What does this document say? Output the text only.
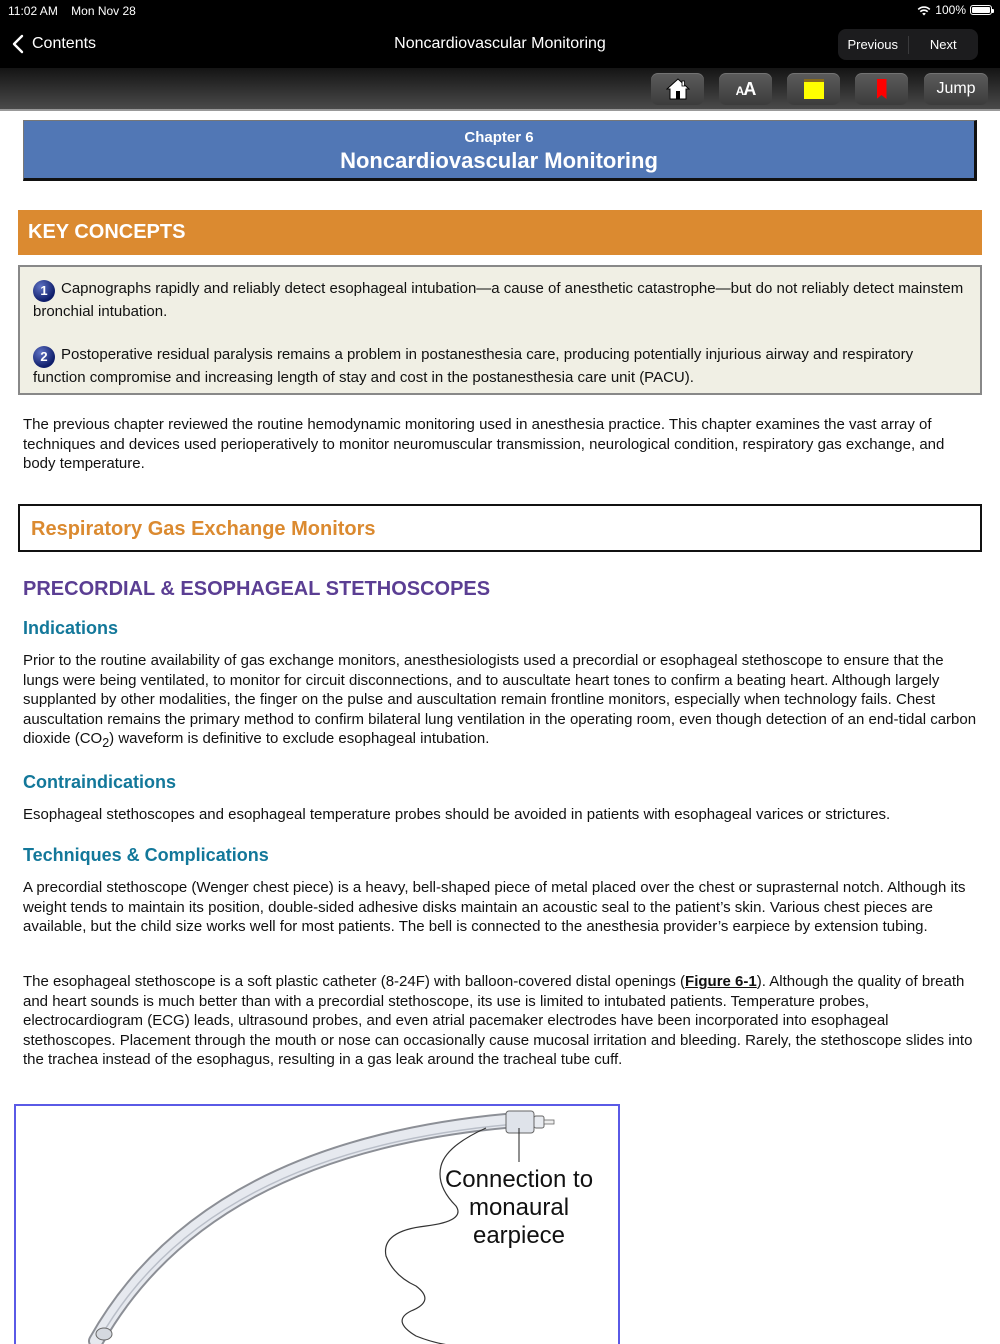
11:02 AM Mon Nov 28	100%
Contents	Noncardiovascular Monitoring	Previous	Next
AA	Jump
Chapter 6
Noncardiovascular Monitoring
KEY CONCEPTS

1 Capnographs rapidly and reliably detect esophageal intubation—a cause of anesthetic catastrophe—but do not reliably detect mainstem bronchial intubation.

2 Postoperative residual paralysis remains a problem in postanesthesia care, producing potentially injurious airway and respiratory function compromise and increasing length of stay and cost in the postanesthesia care unit (PACU).

The previous chapter reviewed the routine hemodynamic monitoring used in anesthesia practice. This chapter examines the vast array of techniques and devices used perioperatively to monitor neuromuscular transmission, neurological condition, respiratory gas exchange, and body temperature.

Respiratory Gas Exchange Monitors
PRECORDIAL & ESOPHAGEAL STETHOSCOPES
Indications

Prior to the routine availability of gas exchange monitors, anesthesiologists used a precordial or esophageal stethoscope to ensure that the lungs were being ventilated, to monitor for circuit disconnections, and to auscultate heart tones to confirm a beating heart. Although largely supplanted by other modalities, the finger on the pulse and auscultation remain frontline monitors, especially when technology fails. Chest auscultation remains the primary method to confirm bilateral lung ventilation in the operating room, even though detection of an end-tidal carbon dioxide $(CO_2)$ waveform is definitive to exclude esophageal intubation.

Contraindications

Esophageal stethoscopes and esophageal temperature probes should be avoided in patients with esophageal varices or strictures.

Techniques & Complications

A precordial stethoscope (Wenger chest piece) is a heavy, bell-shaped piece of metal placed over the chest or suprasternal notch. Although its weight tends to maintain its position, double-sided adhesive disks maintain an acoustic seal to the patient’s skin. Various chest pieces are available, but the child size works well for most patients. The bell is connected to the anesthesia provider’s earpiece by extension tubing.

The esophageal stethoscope is a soft plastic catheter (8-24F) with balloon-covered distal openings (Figure 6-1). Although the quality of breath and heart sounds is much better than with a precordial stethoscope, its use is limited to intubated patients. Temperature probes, electrocardiogram (ECG) leads, ultrasound probes, and even atrial pacemaker electrodes have been incorporated into esophageal stethoscopes. Placement through the mouth or nose can occasionally cause mucosal irritation and bleeding. Rarely, the stethoscope slides into the trachea instead of the esophagus, resulting in a gas leak around the tracheal tube cuff.

Connection to
monaural
earpiece
